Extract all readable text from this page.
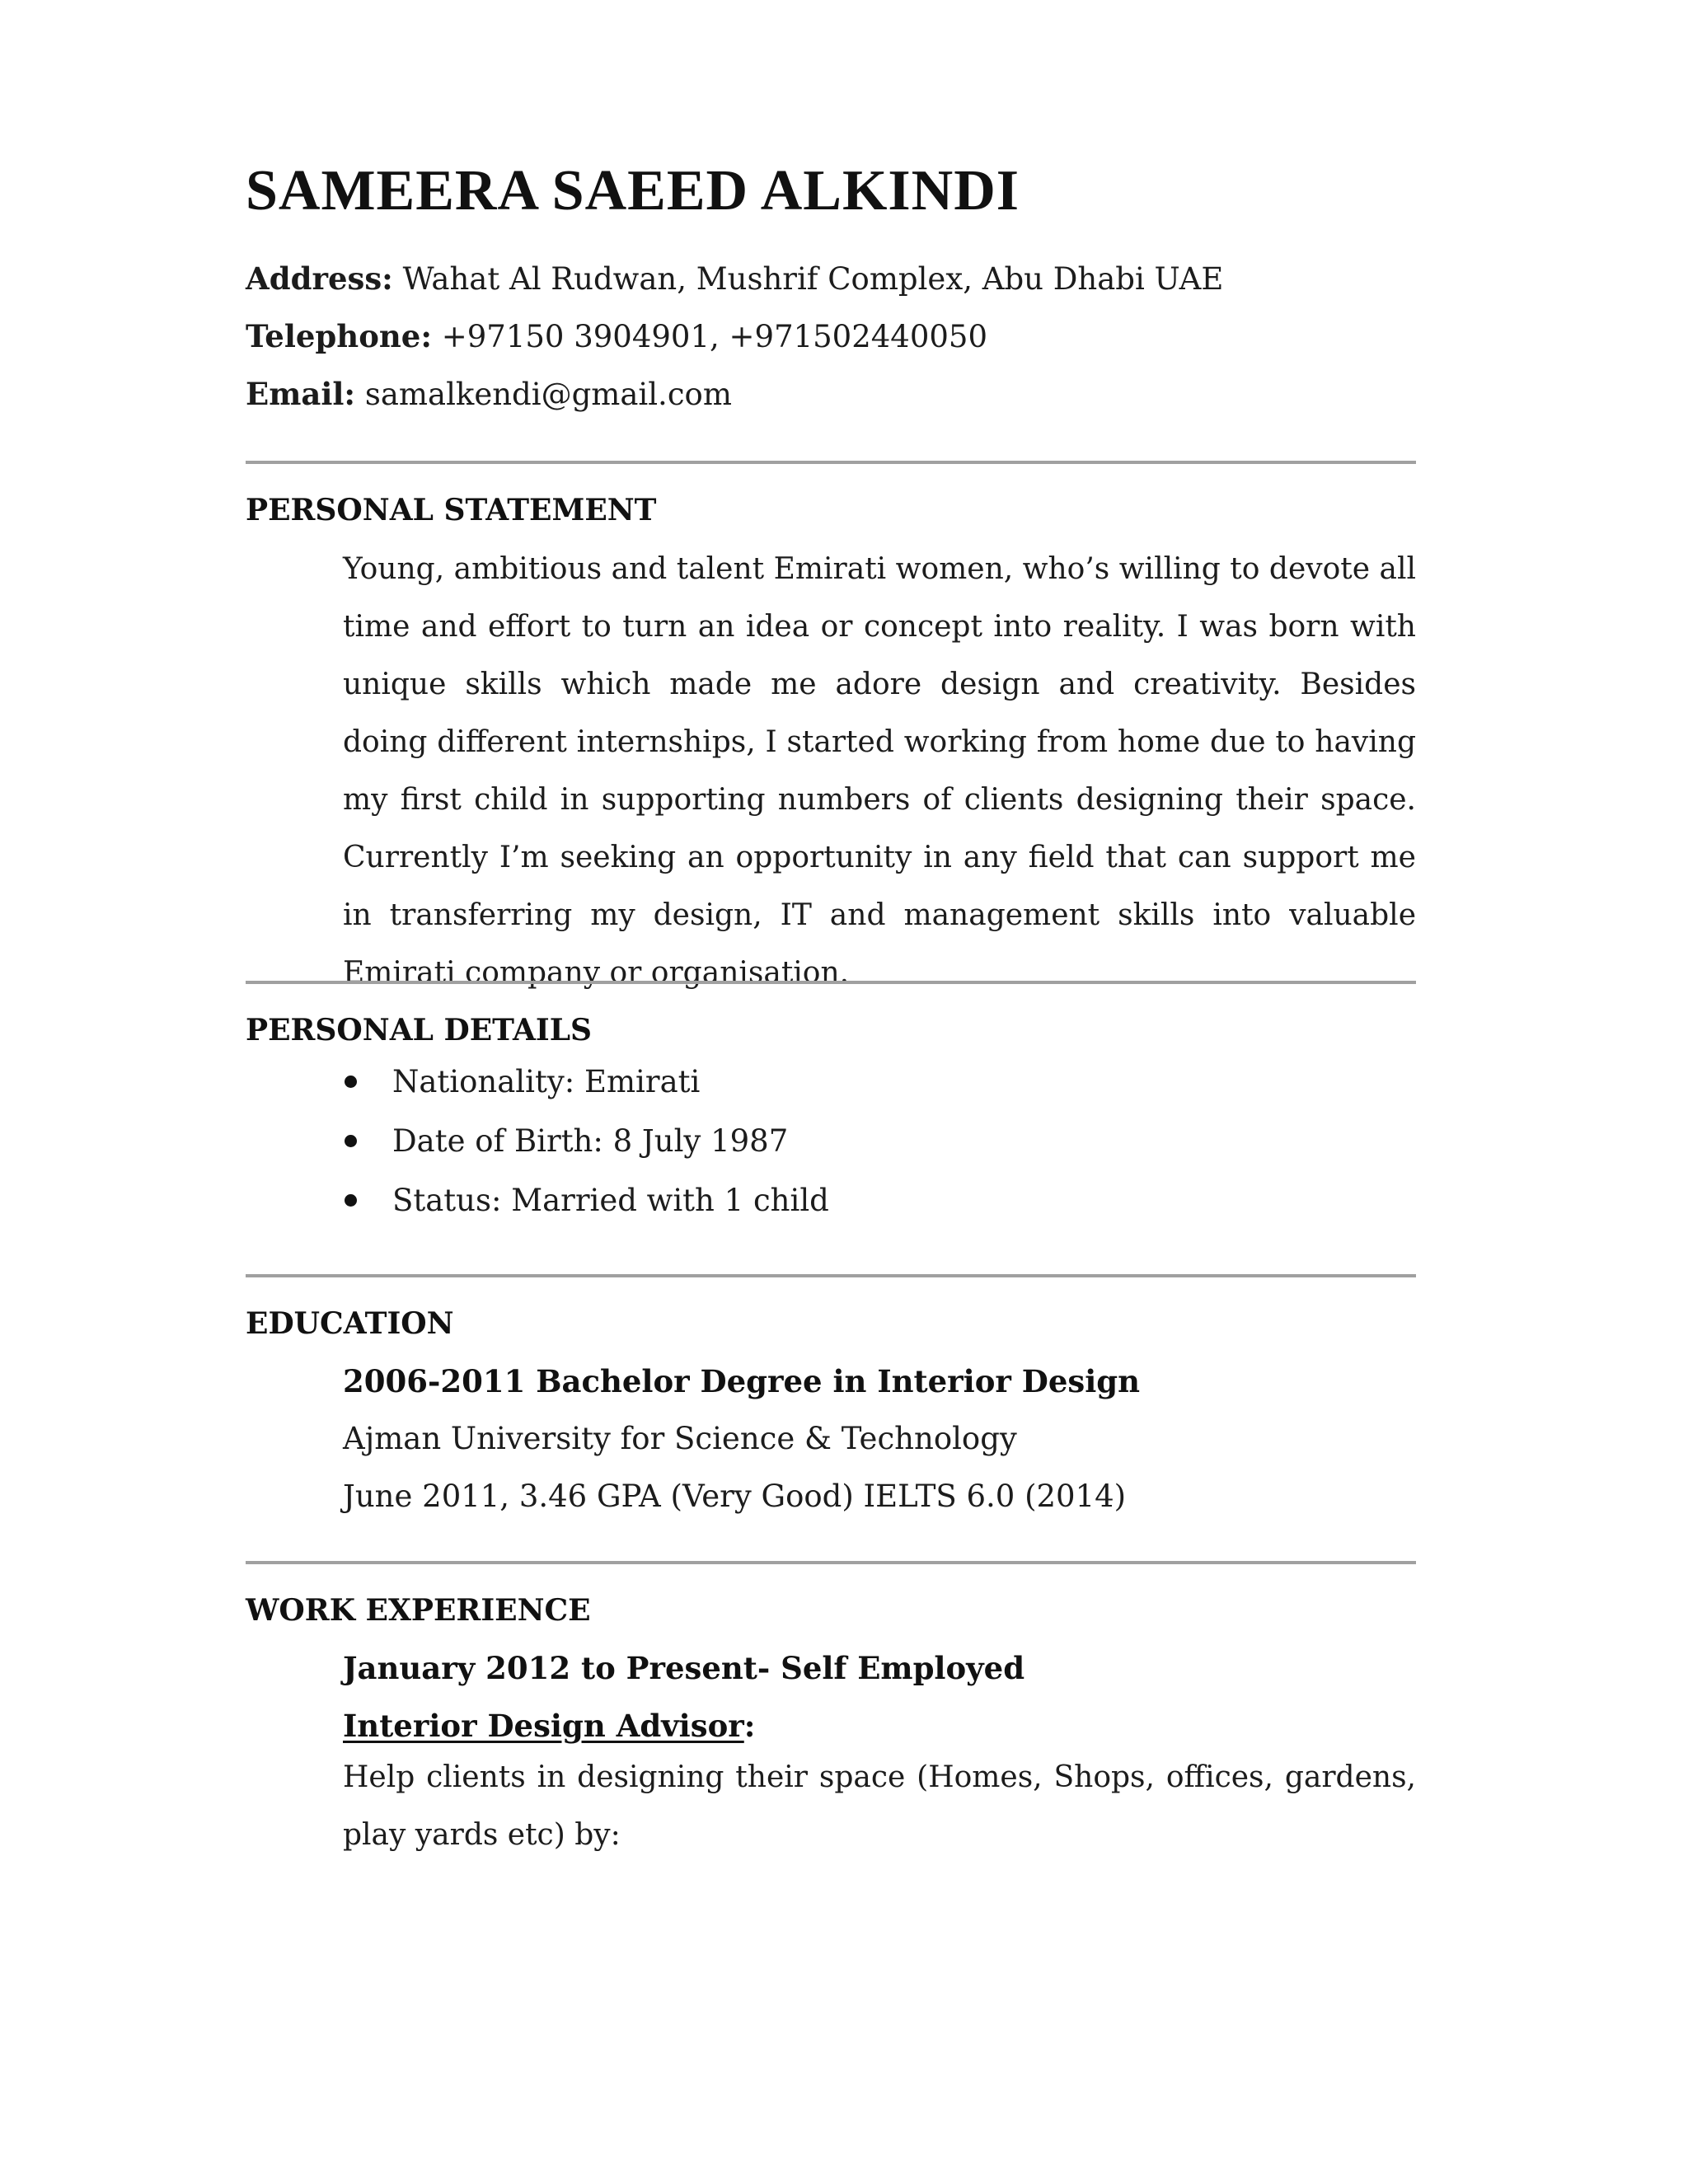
SAMEERA SAEED ALKINDI
Address: Wahat Al Rudwan, Mushrif Complex, Abu Dhabi UAE
Telephone: +97150 3904901, +971502440050
Email: samalkendi@gmail.com
PERSONAL STATEMENT
Young, ambitious and talent Emirati women, who’s willing to devote all time and effort to turn an idea or concept into reality. I was born with unique skills which made me adore design and creativity. Besides doing different internships, I started working from home due to having my first child in supporting numbers of clients designing their space. Currently I’m seeking an opportunity in any field that can support me in transferring my design, IT and management skills into valuable Emirati company or organisation.
PERSONAL DETAILS
Nationality: Emirati
Date of Birth: 8 July 1987
Status: Married with 1 child
EDUCATION
2006-2011 Bachelor Degree in Interior Design
Ajman University for Science & Technology
June 2011, 3.46 GPA (Very Good) IELTS 6.0 (2014)
WORK EXPERIENCE
January 2012 to Present- Self Employed
Interior Design Advisor:
Help clients in designing their space (Homes, Shops, offices, gardens, play yards etc) by:
